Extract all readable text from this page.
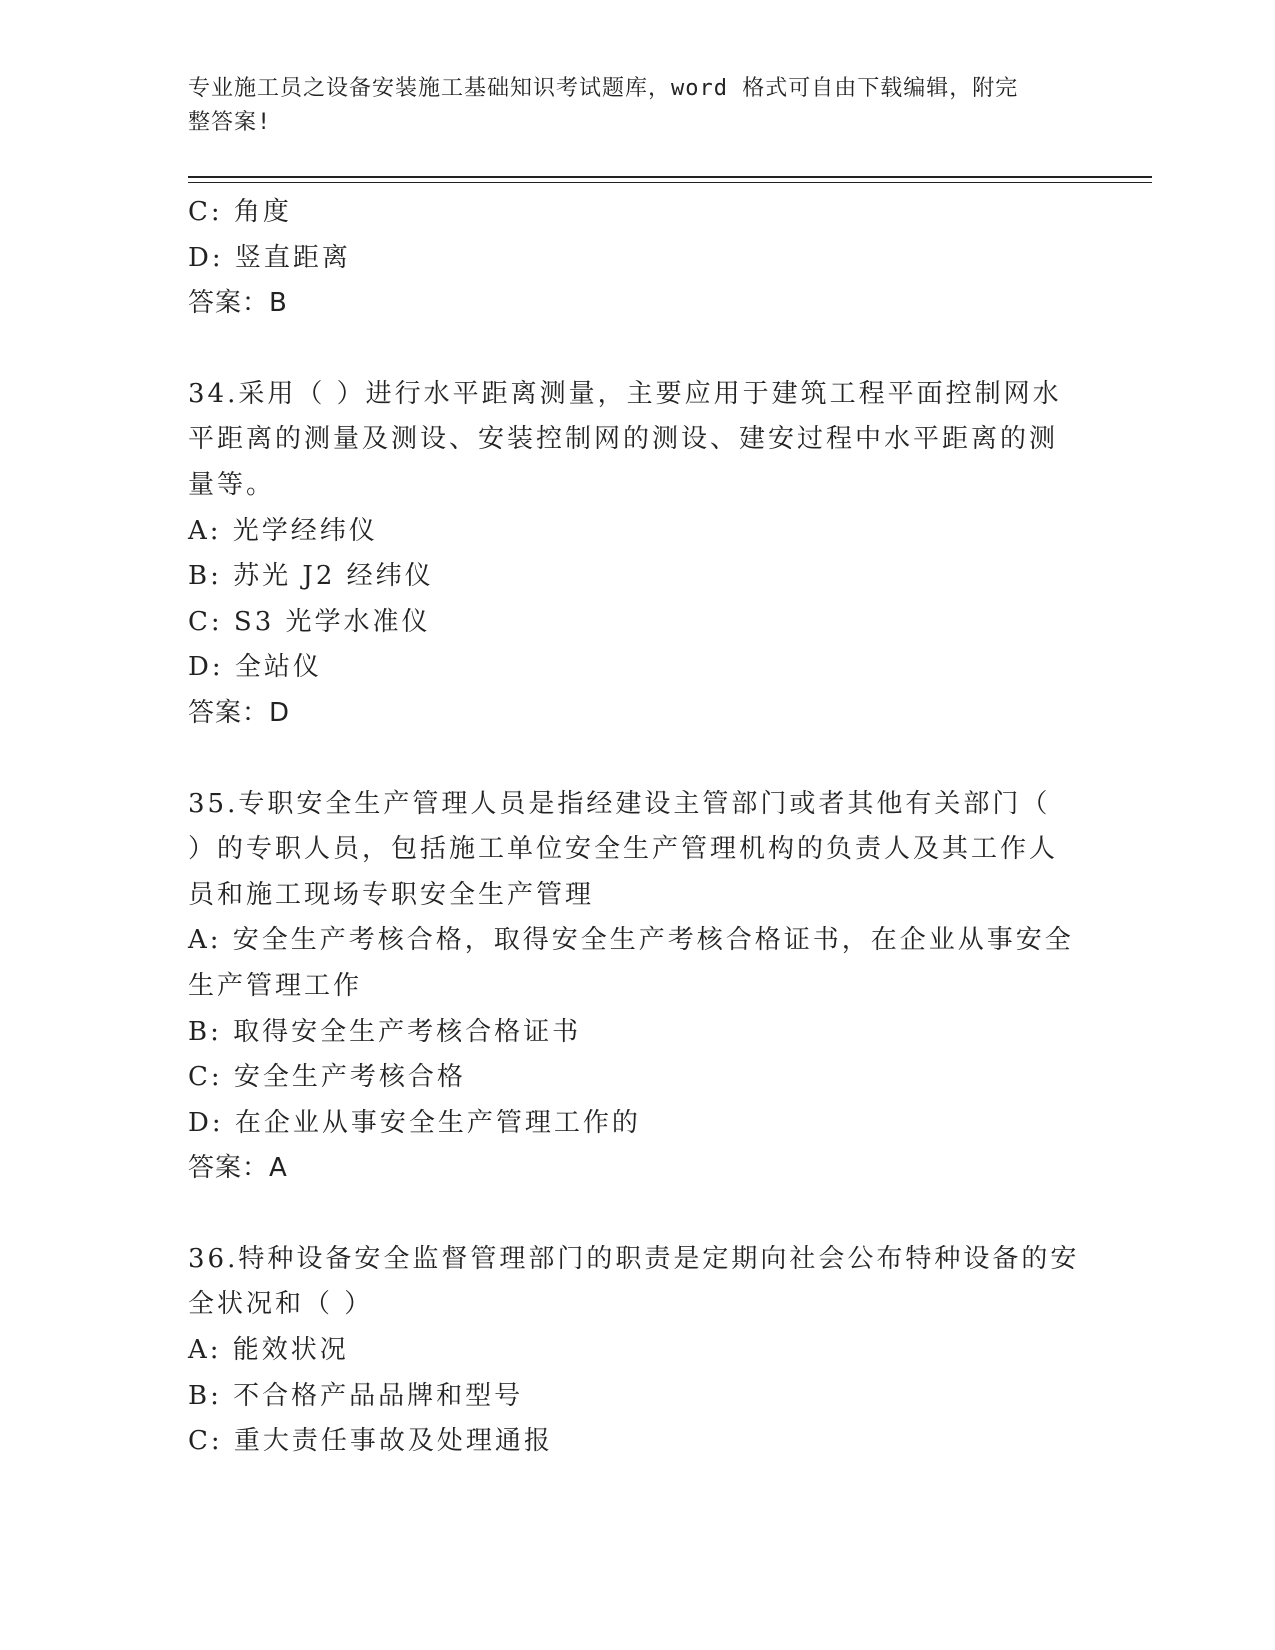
专业施工员之设备安装施工基础知识考试题库，word 格式可自由下载编辑，附完
整答案!
C: 角度
D: 竖直距离
答案：B
34.采用（ ）进行水平距离测量，主要应用于建筑工程平面控制网水
平距离的测量及测设、安装控制网的测设、建安过程中水平距离的测
量等。
A: 光学经纬仪
B: 苏光 J2 经纬仪
C: S3 光学水准仪
D: 全站仪
答案：D
35.专职安全生产管理人员是指经建设主管部门或者其他有关部门（
）的专职人员，包括施工单位安全生产管理机构的负责人及其工作人
员和施工现场专职安全生产管理
A: 安全生产考核合格，取得安全生产考核合格证书，在企业从事安全
生产管理工作
B: 取得安全生产考核合格证书
C: 安全生产考核合格
D: 在企业从事安全生产管理工作的
答案：A
36.特种设备安全监督管理部门的职责是定期向社会公布特种设备的安
全状况和（ ）
A: 能效状况
B: 不合格产品品牌和型号
C: 重大责任事故及处理通报
